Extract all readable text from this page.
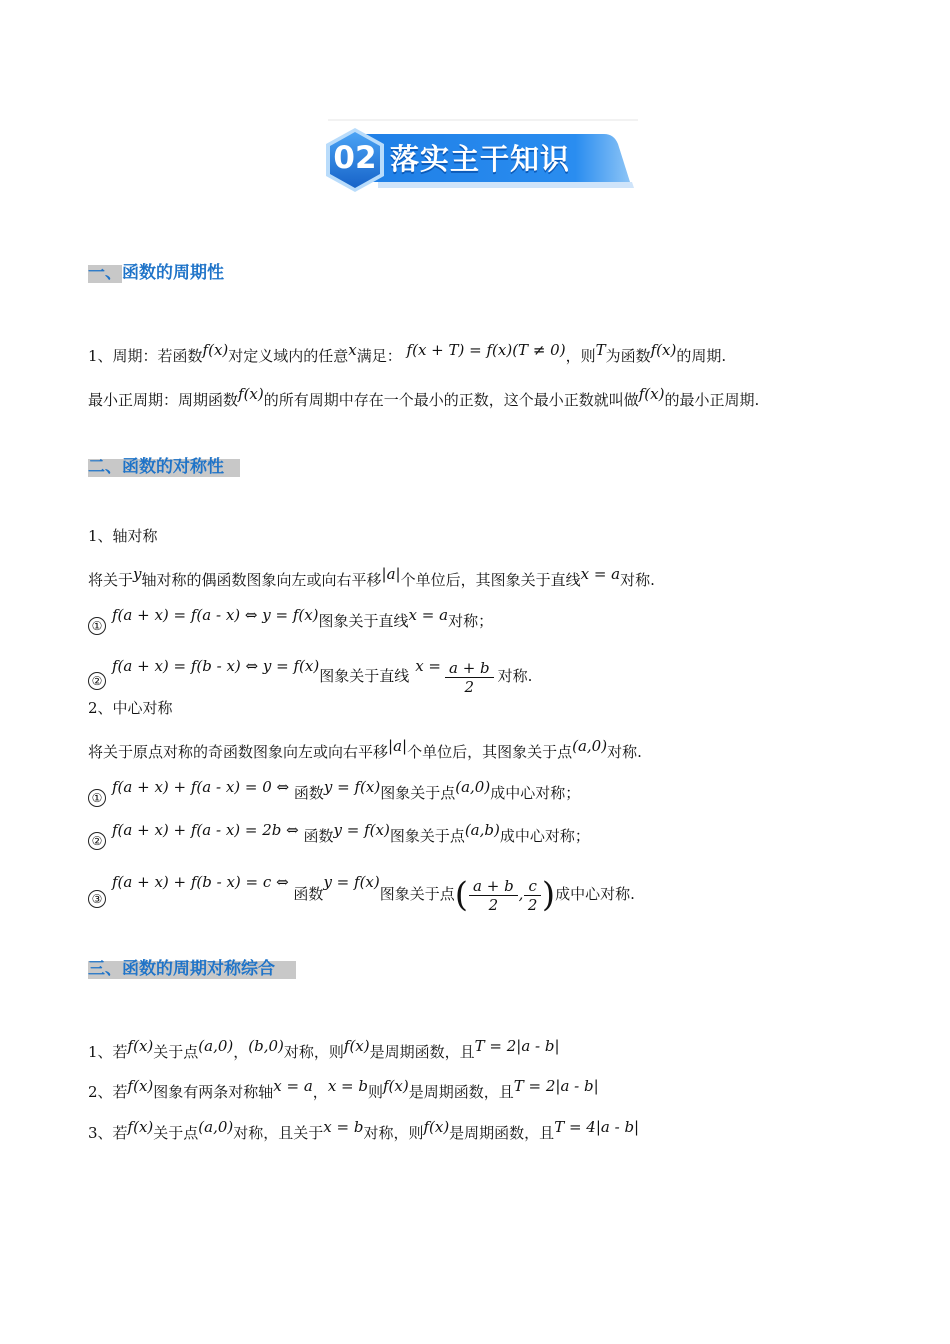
02 落实主干知识
一、函数的周期性
1、周期：若函数f(x)对定义域内的任意x满足： f(x + T) = f(x)(T ≠ 0)，则T为函数f(x)的周期.
最小正周期：周期函数f(x)的所有周期中存在一个最小的正数，这个最小正数就叫做f(x)的最小正周期.
二、函数的对称性
1、轴对称
将关于y轴对称的偶函数图象向左或向右平移|a|个单位后，其图象关于直线x = a对称.
①f(a + x) = f(a - x) ⇔ y = f(x)图象关于直线x = a对称；
②f(a + x) = f(b - x) ⇔ y = f(x)图象关于直线$x = \frac{a + b}{2}$ 对称.
2、中心对称
将关于原点对称的奇函数图象向左或向右平移|a|个单位后，其图象关于点(a,0)对称.
①f(a + x) + f(a - x) = 0 ⇔ 函数y = f(x)图象关于点(a,0)成中心对称；
②f(a + x) + f(a - x) = 2b ⇔ 函数y = f(x)图象关于点(a,b)成中心对称；
③f(a + x) + f(b - x) = c ⇔ 函数y = f(x)图象关于点( $\frac{a + b}{2}$ , $\frac{c}{2}$ )成中心对称.
三、函数的周期对称综合
1、若f(x)关于点(a,0)，(b,0)对称，则f(x)是周期函数，且T = 2|a - b|
2、若f(x)图象有两条对称轴x = a，x = b则f(x)是周期函数，且T = 2|a - b|
3、若f(x)关于点(a,0)对称，且关于x = b对称，则f(x)是周期函数，且T = 4|a - b|
